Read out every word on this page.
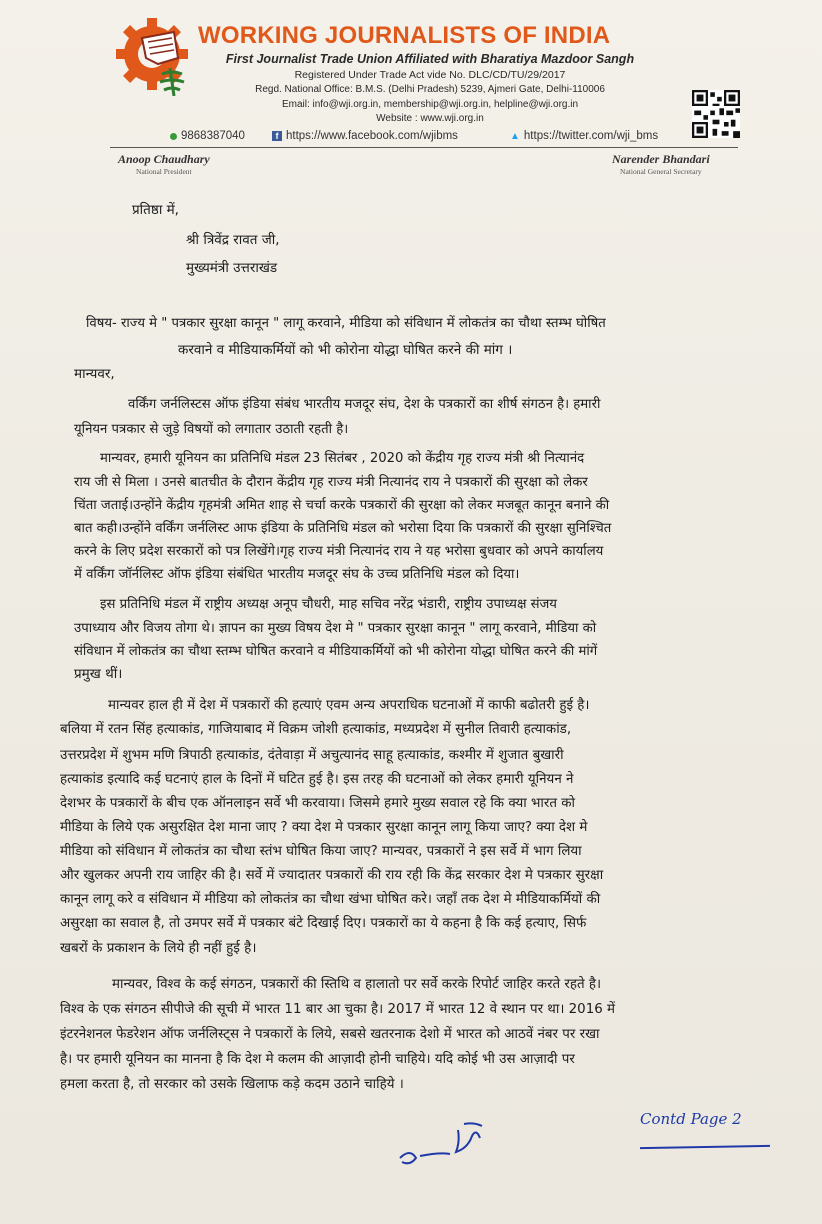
WORKING JOURNALISTS OF INDIA
First Journalist Trade Union Affiliated with Bharatiya Mazdoor Sangh
Registered Under Trade Act vide No. DLC/CD/TU/29/2017
Regd. National Office: B.M.S. (Delhi Pradesh) 5239, Ajmeri Gate, Delhi-110006
Email: info@wji.org.in, membership@wji.org.in, helpline@wji.org.in
Website : www.wji.org.in
9868387040	f https://www.facebook.com/wjibms	▲ https://twitter.com/wji_bms
Anoop Chaudhary
National President
Narender Bhandari
National General Secretary
प्रतिष्ठा में,
श्री त्रिवेंद्र रावत जी,
मुख्यमंत्री उत्तराखंड
विषय- राज्य मे " पत्रकार सुरक्षा कानून " लागू करवाने, मीडिया को संविधान में लोकतंत्र का चौथा स्तम्भ घोषित
करवाने व मीडियाकर्मियों को भी कोरोना योद्धा घोषित करने की मांग ।
मान्यवर,
वर्किंग जर्नलिस्टस ऑफ इंडिया संबंध भारतीय मजदूर संघ, देश के पत्रकारों का शीर्ष संगठन है। हमारी
यूनियन पत्रकार से जुड़े विषयों को लगातार उठाती रहती है।
मान्यवर, हमारी यूनियन का प्रतिनिधि मंडल 23 सितंबर , 2020 को केंद्रीय गृह राज्य मंत्री श्री नित्यानंद
राय जी से मिला । उनसे बातचीत के दौरान केंद्रीय गृह राज्य मंत्री नित्यानंद राय ने पत्रकारों की सुरक्षा को लेकर
चिंता जताई।उन्होंने केंद्रीय गृहमंत्री अमित शाह से चर्चा करके पत्रकारों की सुरक्षा को लेकर मजबूत कानून बनाने की
बात कही।उन्होंने वर्किंग जर्नलिस्ट आफ इंडिया के प्रतिनिधि मंडल को भरोसा दिया कि पत्रकारों की सुरक्षा सुनिश्चित
करने के लिए प्रदेश सरकारों को पत्र लिखेंगे।गृह राज्य मंत्री नित्यानंद राय ने यह भरोसा बुधवार को अपने कार्यालय
में वर्किंग जॉर्नलिस्ट ऑफ इंडिया संबंधित भारतीय मजदूर संघ के उच्च प्रतिनिधि मंडल को दिया।
इस प्रतिनिधि मंडल में राष्ट्रीय अध्यक्ष अनूप चौधरी, माह सचिव नरेंद्र भंडारी, राष्ट्रीय उपाध्यक्ष संजय
उपाध्याय और विजय तोगा थे। ज्ञापन का मुख्य विषय देश मे " पत्रकार सुरक्षा कानून " लागू करवाने, मीडिया को
संविधान में लोकतंत्र का चौथा स्तम्भ घोषित करवाने व मीडियाकर्मियों को भी कोरोना योद्धा घोषित करने की मांगें
प्रमुख थीं।
मान्यवर हाल ही में देश में पत्रकारों की हत्याएं एवम अन्य अपराधिक घटनाओं में काफी बढोतरी हुई है।
बलिया में रतन सिंह हत्याकांड, गाजियाबाद में विक्रम जोशी हत्याकांड, मध्यप्रदेश में सुनील तिवारी हत्याकांड,
उत्तरप्रदेश में शुभम मणि त्रिपाठी हत्याकांड, दंतेवाड़ा में अचुत्यानंद साहू हत्याकांड, कश्मीर में शुजात बुखारी
हत्याकांड इत्यादि कई घटनाएं हाल के दिनों में घटित हुई है। इस तरह की घटनाओं को लेकर हमारी यूनियन ने
देशभर के पत्रकारों के बीच एक ऑनलाइन सर्वे भी करवाया। जिसमे हमारे मुख्य सवाल रहे कि क्या भारत को
मीडिया के लिये एक असुरक्षित देश माना जाए ? क्या देश मे पत्रकार सुरक्षा कानून लागू किया जाए? क्या देश मे
मीडिया को संविधान में लोकतंत्र का चौथा स्तंभ घोषित किया जाए? मान्यवर, पत्रकारों ने इस सर्वे में भाग लिया
और खुलकर अपनी राय जाहिर की है। सर्वे में ज्यादातर पत्रकारों की राय रही कि केंद्र सरकार देश मे पत्रकार सुरक्षा
कानून लागू करे व संविधान में मीडिया को लोकतंत्र का चौथा खंभा घोषित करे। जहाँ तक देश मे मीडियाकर्मियों की
असुरक्षा का सवाल है, तो उमपर सर्वे में पत्रकार बंटे दिखाई दिए। पत्रकारों का ये कहना है कि कई हत्याए, सिर्फ
खबरों के प्रकाशन के लिये ही नहीं हुई है।
मान्यवर, विश्व के कई संगठन, पत्रकारों की स्तिथि व हालातो पर सर्वे करके रिपोर्ट जाहिर करते रहते है।
विश्व के एक संगठन सीपीजे की सूची में भारत 11 बार आ चुका है। 2017 में भारत 12 वे स्थान पर था। 2016 में
इंटरनेशनल फेडरेशन ऑफ जर्नलिस्ट्स ने पत्रकारों के लिये, सबसे खतरनाक देशो में भारत को आठवें नंबर पर रखा
है। पर हमारी यूनियन का मानना है कि देश मे कलम की आज़ादी होनी चाहिये। यदि कोई भी उस आज़ादी पर
हमला करता है, तो सरकार को उसके खिलाफ कड़े कदम उठाने चाहिये ।
Contd Page 2
